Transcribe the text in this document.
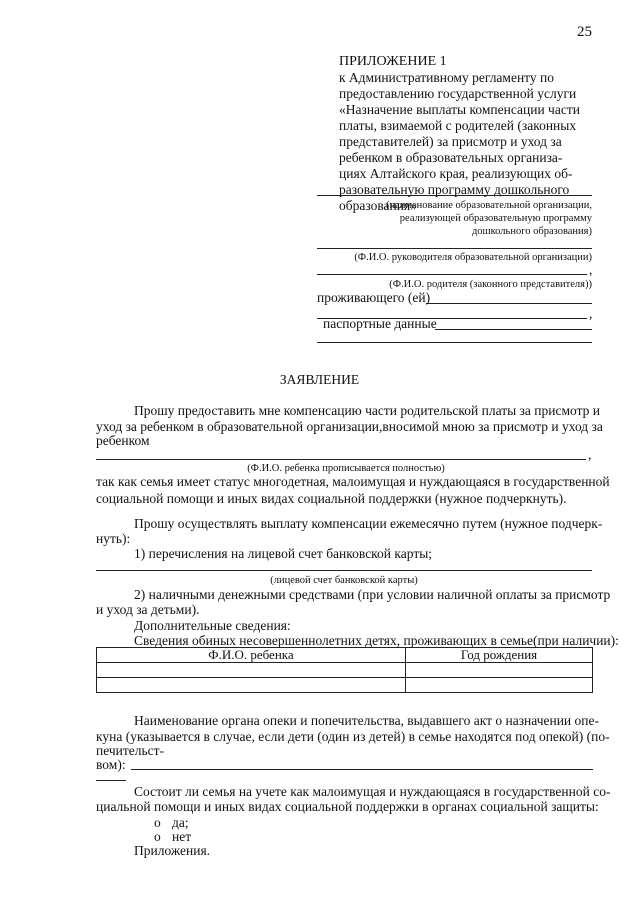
25
ПРИЛОЖЕНИЕ 1
к Административному регламенту по
предоставлению государственной услуги
«Назначение выплаты компенсации части
платы, взимаемой с родителей (законных
представителей) за присмотр и уход за
ребенком в образовательных организа-
циях Алтайского края, реализующих об-
разовательную программу дошкольного
образования»
(наименование образовательной организации,
реализующей образовательную программу
дошкольного образования)
(Ф.И.О. руководителя образовательной организации)
,
(Ф.И.О. родителя (законного представителя))
проживающего (ей)
,
паспортные данные
ЗАЯВЛЕНИЕ
Прошу предоставить мне компенсацию части родительской платы за присмотр и
уход за ребенком в образовательной организации,вносимой мною за присмотр и уход за
ребенком
,
(Ф.И.О. ребенка прописывается полностью)
так как семья имеет статус многодетная, малоимущая и нуждающаяся в государственной
социальной помощи и иных видах социальной поддержки (нужное подчеркнуть).
Прошу осуществлять выплату компенсации ежемесячно путем (нужное подчерк-
нуть):
1) перечисления на лицевой счет банковской карты;
(лицевой счет банковской карты)
2) наличными денежными средствами (при условии наличной оплаты за присмотр
и уход за детьми).
Дополнительные сведения:
Сведения обиных несовершеннолетних детях, проживающих в семье(при наличии):
Ф.И.О. ребенка	Год рождения

Наименование органа опеки и попечительства, выдавшего акт о назначении опе-
куна (указывается в случае, если дети (один из детей) в семье находятся под опекой) (по-
печительст-
вом):
Состоит ли семья на учете как малоимущая и нуждающаяся в государственной со-
циальной помощи и иных видах социальной поддержки в органах социальной защиты:
о да;
о нет
Приложения.
